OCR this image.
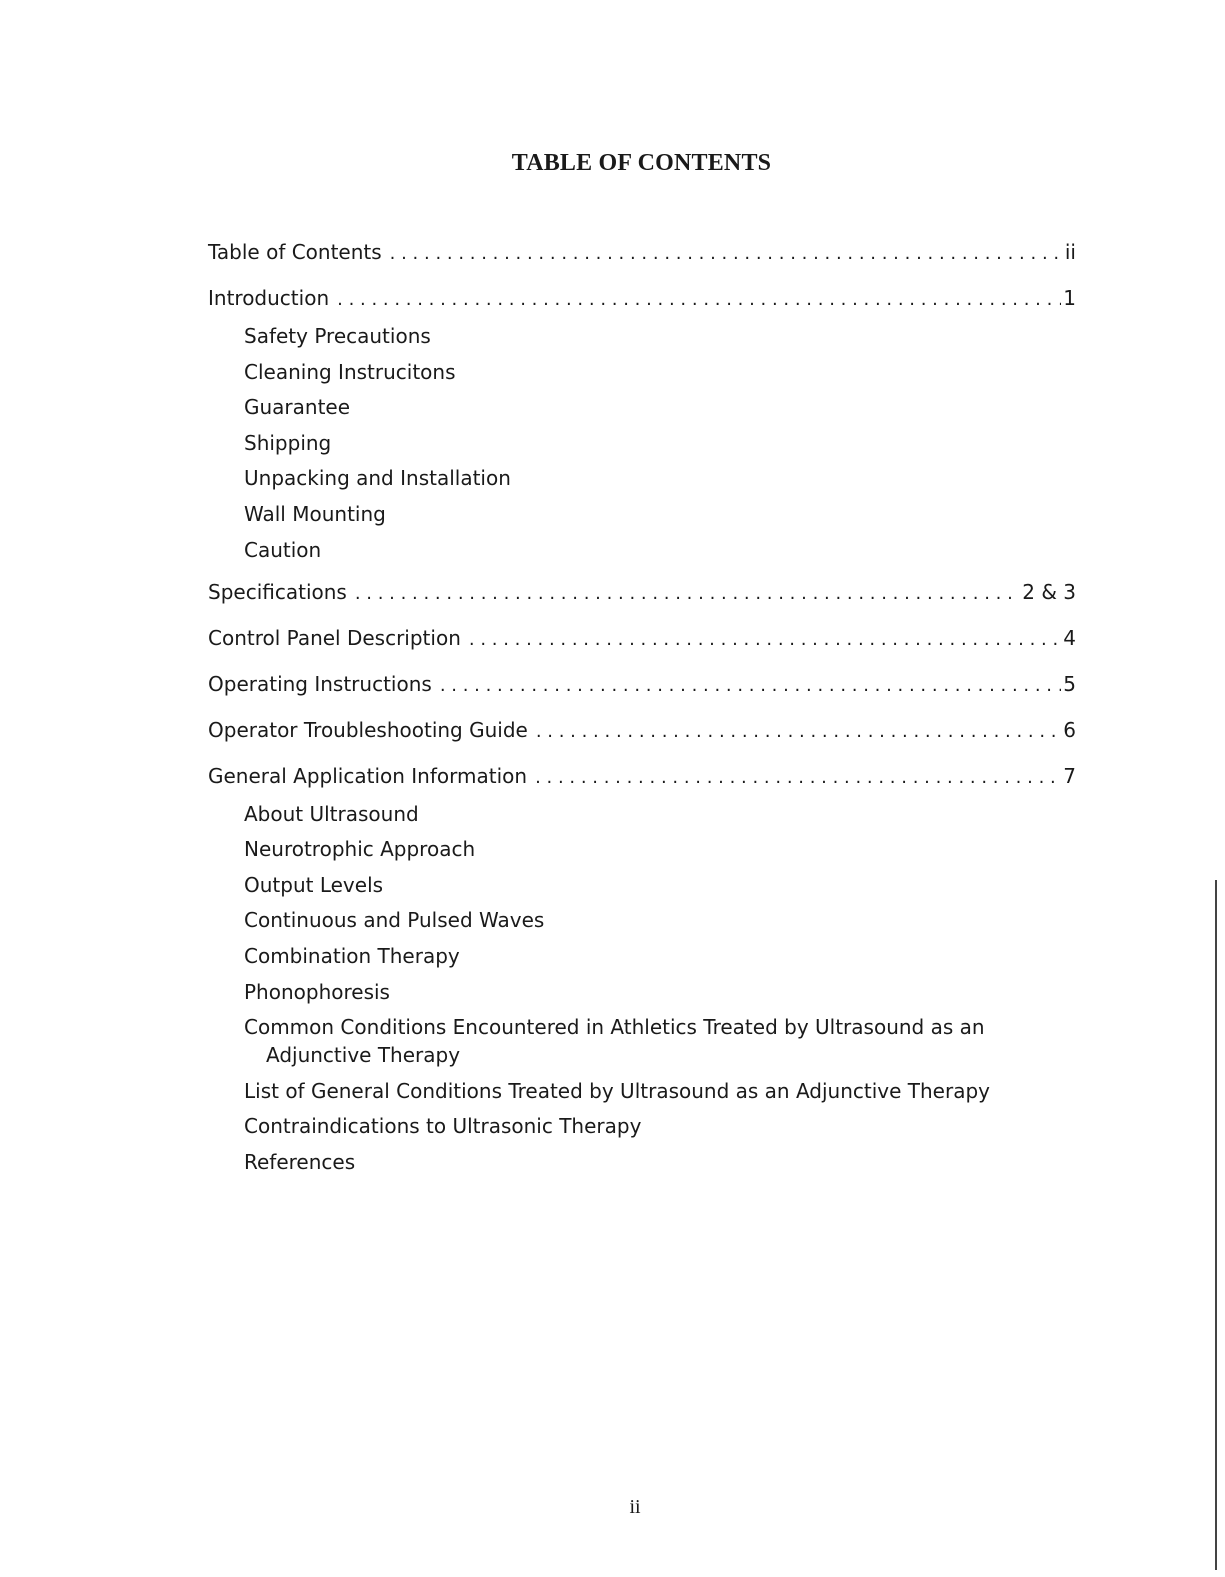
TABLE OF CONTENTS
Table of Contents . . .	ii
Introduction . . .	1
Safety Precautions
Cleaning Instrucitons
Guarantee
Shipping
Unpacking and Installation
Wall Mounting
Caution
Specifications . . .	2 & 3
Control Panel Description . . .	4
Operating Instructions . . .	5
Operator Troubleshooting Guide . . .	6
General Application Information . . .	7
About Ultrasound
Neurotrophic Approach
Output Levels
Continuous and Pulsed Waves
Combination Therapy
Phonophoresis
Common Conditions Encountered in Athletics Treated by Ultrasound as an
Adjunctive Therapy
List of General Conditions Treated by Ultrasound as an Adjunctive Therapy
Contraindications to Ultrasonic Therapy
References
ii
